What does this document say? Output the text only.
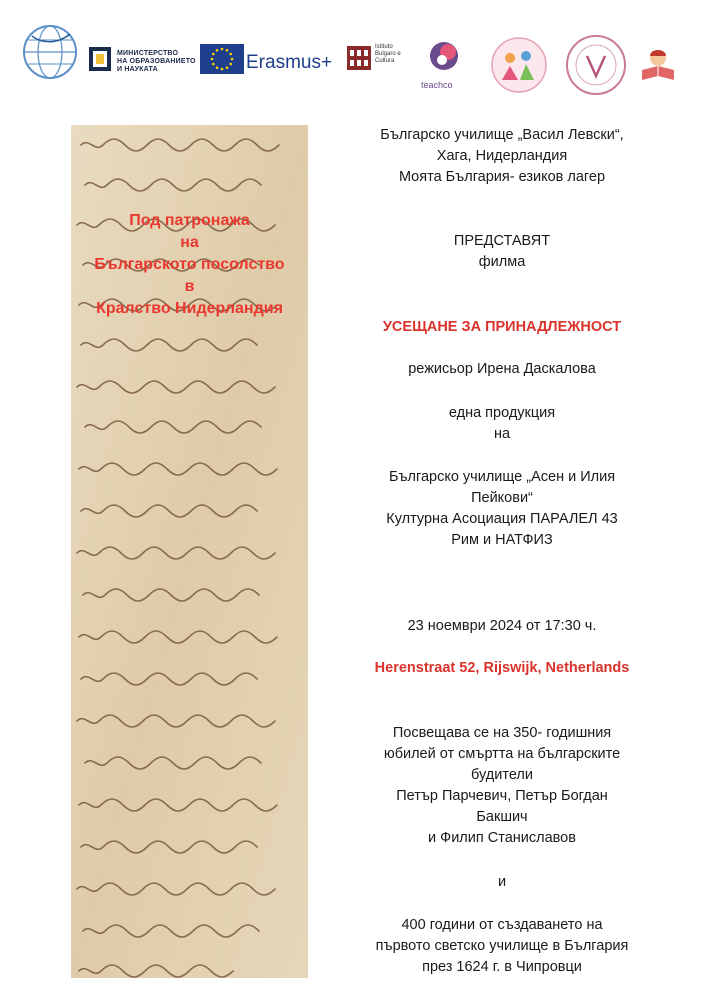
МИНИСТЕРСТВО
НА ОБРАЗОВАНИЕТО
И НАУКАТА	Erasmus+
Istituto
Bulgaro e
Cultura
teachco
Под патронажа
на
Българското посолство
в
Кралство Нидерландия
Българско училище „Васил Левски“,
Хага, Нидерландия
Моята България- езиков лагер
ПРЕДСТАВЯТ
филма
УСЕЩАНЕ ЗА ПРИНАДЛЕЖНОСТ
режисьор Ирена Даскалова
една продукция
на
Българско училище „Асен и Илия
Пейкови“
Културна Асоциация ПАРАЛЕЛ 43
Рим и НАТФИЗ
23 ноември 2024 от 17:30 ч.
Herenstraat 52, Rijswijk, Netherlands
Посвещава се на 350- годишния
юбилей от смъртта на българските
будители
Петър Парчевич, Петър Богдан
Бакшич
и Филип Станиславов
и
400 години от създаването на
първото светско училище в България
през 1624 г. в Чипровци
